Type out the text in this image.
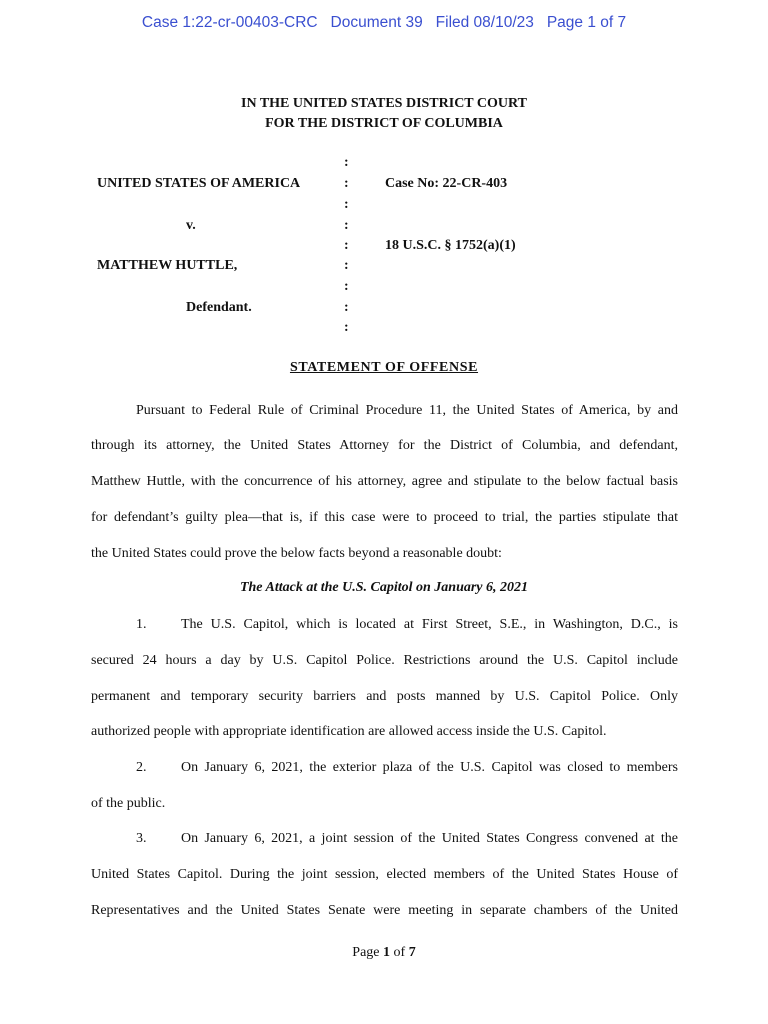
Case 1:22-cr-00403-CRC   Document 39   Filed 08/10/23   Page 1 of 7
IN THE UNITED STATES DISTRICT COURT
FOR THE DISTRICT OF COLUMBIA
UNITED STATES OF AMERICA
v.
MATTHEW HUTTLE,
Defendant.
Case No: 22-CR-403
18 U.S.C. § 1752(a)(1)
:
:
:
:
:
:
:
:
:
STATEMENT OF OFFENSE
Pursuant to Federal Rule of Criminal Procedure 11, the United States of America, by and
through its attorney, the United States Attorney for the District of Columbia, and defendant,
Matthew Huttle, with the concurrence of his attorney, agree and stipulate to the below factual basis
for defendant’s guilty plea—that is, if this case were to proceed to trial, the parties stipulate that
the United States could prove the below facts beyond a reasonable doubt:
The Attack at the U.S. Capitol on January 6, 2021
1. The U.S. Capitol, which is located at First Street, S.E., in Washington, D.C., is
secured 24 hours a day by U.S. Capitol Police. Restrictions around the U.S. Capitol include
permanent and temporary security barriers and posts manned by U.S. Capitol Police. Only
authorized people with appropriate identification are allowed access inside the U.S. Capitol.
2. On January 6, 2021, the exterior plaza of the U.S. Capitol was closed to members
of the public.
3. On January 6, 2021, a joint session of the United States Congress convened at the
United States Capitol. During the joint session, elected members of the United States House of
Representatives and the United States Senate were meeting in separate chambers of the United
Page 1 of 7
